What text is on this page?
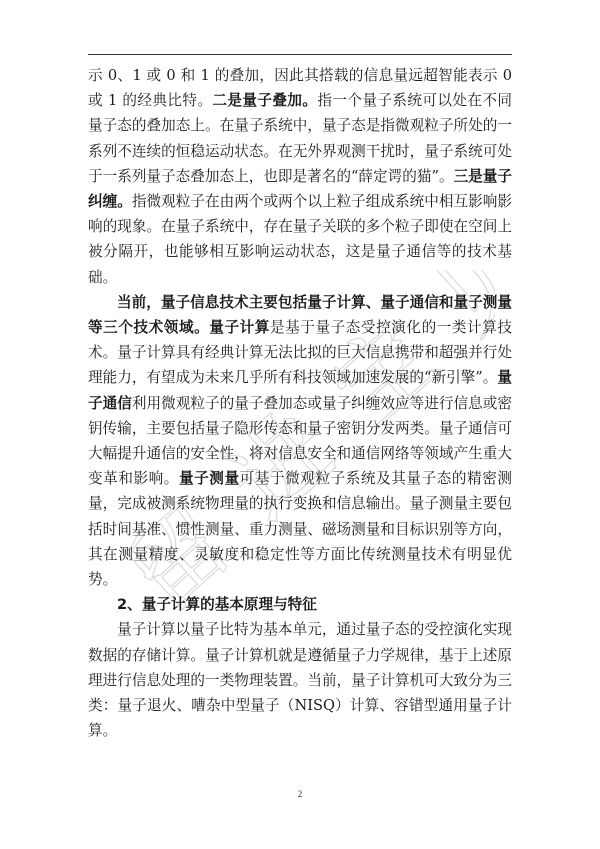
留 进 宝 贝

示 0、1 或 0 和 1 的叠加，因此其搭载的信息量远超智能表示 0 或 1 的经典比特。二是量子叠加。指一个量子系统可以处在不同量子态的叠加态上。在量子系统中，量子态是指微观粒子所处的一系列不连续的恒稳运动状态。在无外界观测干扰时，量子系统可处于一系列量子态叠加态上，也即是著名的“薛定谔的猫”。三是量子纠缠。指微观粒子在由两个或两个以上粒子组成系统中相互影响影响的现象。在量子系统中，存在量子关联的多个粒子即使在空间上被分隔开，也能够相互影响运动状态，这是量子通信等的技术基础。

当前，量子信息技术主要包括量子计算、量子通信和量子测量等三个技术领域。量子计算是基于量子态受控演化的一类计算技术。量子计算具有经典计算无法比拟的巨大信息携带和超强并行处理能力，有望成为未来几乎所有科技领域加速发展的“新引擎”。量子通信利用微观粒子的量子叠加态或量子纠缠效应等进行信息或密钥传输，主要包括量子隐形传态和量子密钥分发两类。量子通信可大幅提升通信的安全性，将对信息安全和通信网络等领域产生重大变革和影响。量子测量可基于微观粒子系统及其量子态的精密测量，完成被测系统物理量的执行变换和信息输出。量子测量主要包括时间基准、惯性测量、重力测量、磁场测量和目标识别等方向，其在测量精度、灵敏度和稳定性等方面比传统测量技术有明显优势。

2、量子计算的基本原理与特征

量子计算以量子比特为基本单元，通过量子态的受控演化实现数据的存储计算。量子计算机就是遵循量子力学规律，基于上述原理进行信息处理的一类物理装置。当前，量子计算机可大致分为三类：量子退火、嘈杂中型量子（NISQ）计算、容错型通用量子计算。

2
